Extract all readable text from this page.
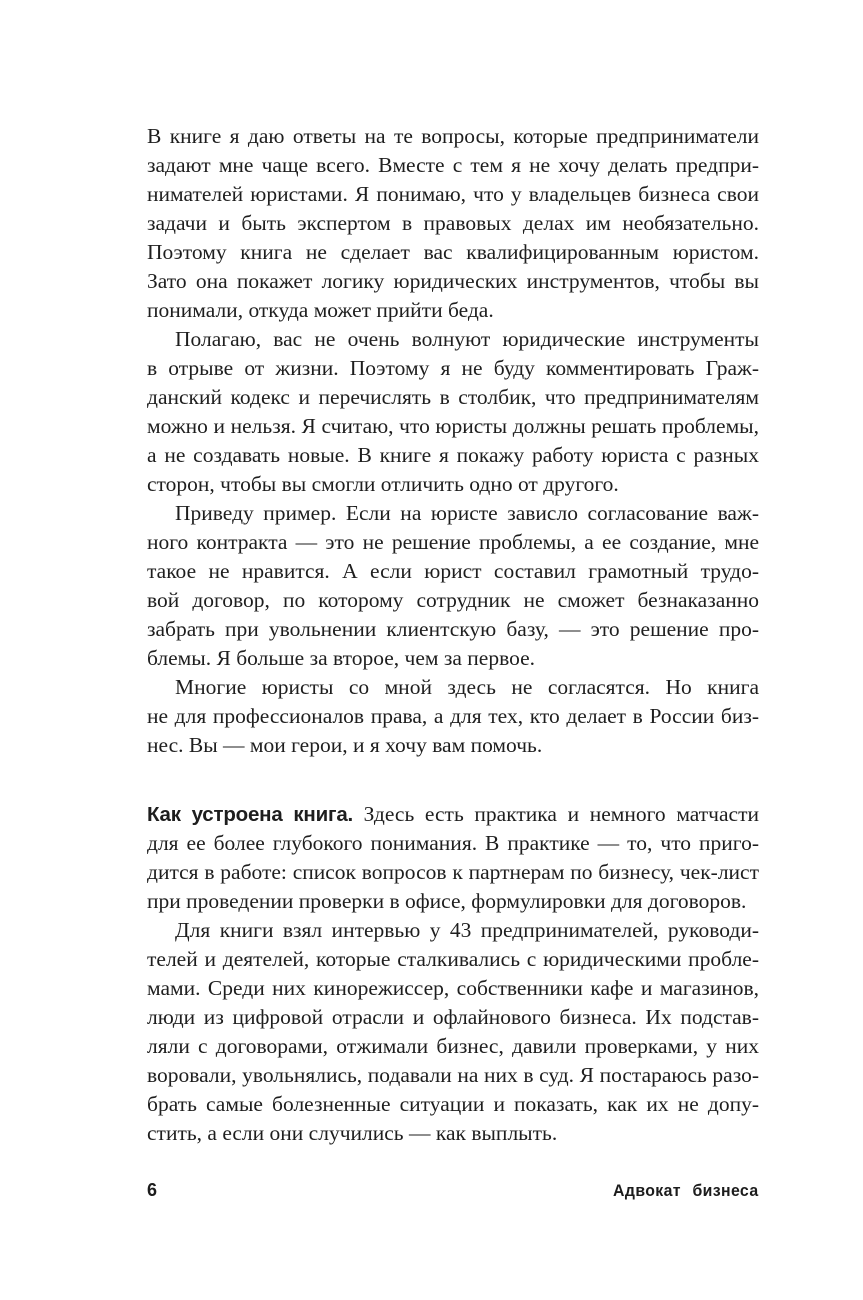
В книге я даю ответы на те вопросы, которые предприниматели
задают мне чаще всего. Вместе с тем я не хочу делать предпри-
нимателей юристами. Я понимаю, что у владельцев бизнеса свои
задачи и быть экспертом в правовых делах им необязательно.
Поэтому книга не сделает вас квалифицированным юристом.
Зато она покажет логику юридических инструментов, чтобы вы
понимали, откуда может прийти беда.
Полагаю, вас не очень волнуют юридические инструменты
в отрыве от жизни. Поэтому я не буду комментировать Граж-
данский кодекс и перечислять в столбик, что предпринимателям
можно и нельзя. Я считаю, что юристы должны решать проблемы,
а не создавать новые. В книге я покажу работу юриста с разных
сторон, чтобы вы смогли отличить одно от другого.
Приведу пример. Если на юристе зависло согласование важ-
ного контракта — это не решение проблемы, а ее создание, мне
такое не нравится. А если юрист составил грамотный трудо-
вой договор, по которому сотрудник не сможет безнаказанно
забрать при увольнении клиентскую базу, — это решение про-
блемы. Я больше за второе, чем за первое.
Многие юристы со мной здесь не согласятся. Но книга
не для профессионалов права, а для тех, кто делает в России биз-
нес. Вы — мои герои, и я хочу вам помочь.
Как устроена книга. Здесь есть практика и немного матчасти
для ее более глубокого понимания. В практике — то, что приго-
дится в работе: список вопросов к партнерам по бизнесу, чек-лист
при проведении проверки в офисе, формулировки для договоров.
Для книги взял интервью у 43 предпринимателей, руководи-
телей и деятелей, которые сталкивались с юридическими пробле-
мами. Среди них кинорежиссер, собственники кафе и магазинов,
люди из цифровой отрасли и офлайнового бизнеса. Их подстав-
ляли с договорами, отжимали бизнес, давили проверками, у них
воровали, увольнялись, подавали на них в суд. Я постараюсь разо-
брать самые болезненные ситуации и показать, как их не допу-
стить, а если они случились — как выплыть.
6	Адвокат бизнеса
